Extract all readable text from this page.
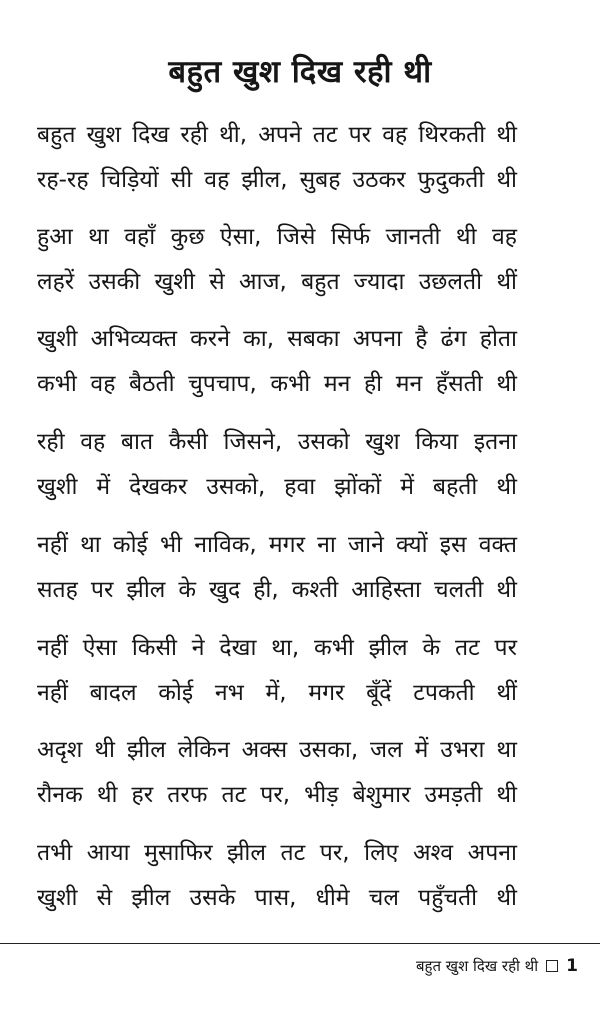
बहुत खुश दिख रही थी
बहुत खुश दिख रही थी, अपने तट पर वह थिरकती थी
रह-रह चिड़ियों सी वह झील, सुबह उठकर फुदुकती थी
हुआ था वहाँ कुछ ऐसा, जिसे सिर्फ जानती थी वह
लहरें उसकी खुशी से आज, बहुत ज्यादा उछलती थीं
खुशी अभिव्यक्त करने का, सबका अपना है ढंग होता
कभी वह बैठती चुपचाप, कभी मन ही मन हँसती थी
रही वह बात कैसी जिसने, उसको खुश किया इतना
खुशी में देखकर उसको, हवा झोंकों में बहती थी
नहीं था कोई भी नाविक, मगर ना जाने क्यों इस वक्त
सतह पर झील के खुद ही, कश्ती आहिस्ता चलती थी
नहीं ऐसा किसी ने देखा था, कभी झील के तट पर
नहीं बादल कोई नभ में, मगर बूँदें टपकती थीं
अदृश थी झील लेकिन अक्स उसका, जल में उभरा था
रौनक थी हर तरफ तट पर, भीड़ बेशुमार उमड़ती थी
तभी आया मुसाफिर झील तट पर, लिए अश्व अपना
खुशी से झील उसके पास, धीमे चल पहुँचती थी
बहुत खुश दिख रही थी 1
